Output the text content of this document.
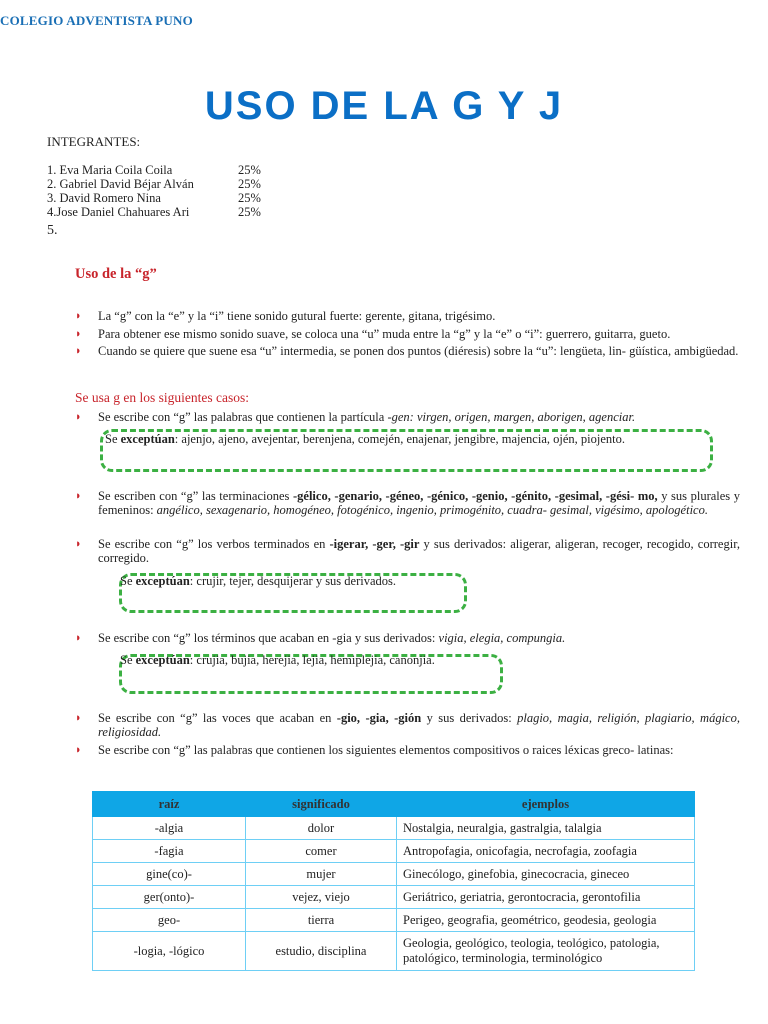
COLEGIO ADVENTISTA PUNO
USO DE LA G Y J
INTEGRANTES:
1. Eva Maria Coila Coila	25%
2. Gabriel David Béjar Alván	25%
3. David Romero Nina	25%
4.Jose Daniel Chahuares Ari	25%
5.
Uso de la “g”
◗ La “g” con la “e” y la “i” tiene sonido gutural fuerte: gerente, gitana, trigésimo.
◗ Para obtener ese mismo sonido suave, se coloca una “u” muda entre la “g” y la “e” o “i”: guerrero, guitarra, gueto.
◗ Cuando se quiere que suene esa “u” intermedia, se ponen dos puntos (diéresis) sobre la “u”: lengüeta, lin- güística, ambigüedad.
Se usa g en los siguientes casos:
◗ Se escribe con “g” las palabras que contienen la partícula -gen: virgen, origen, margen, aborigen, agenciar.
Se exceptúan: ajenjo, ajeno, avejentar, berenjena, comején, enajenar, jengibre, majencia, ojén, piojento.
◗ Se escriben con “g” las terminaciones -gélico, -genario, -géneo, -génico, -genio, -génito, -gesimal, -gési- mo, y sus plurales y femeninos: angélico, sexagenario, homogéneo, fotogénico, ingenio, primogénito, cuadra- gesimal, vigésimo, apologético.
◗ Se escribe con “g” los verbos terminados en -igerar, -ger, -gir y sus derivados: aligerar, aligeran, recoger, recogido, corregir, corregido.
Se exceptúan: crujir, tejer, desquijerar y sus derivados.
◗ Se escribe con “g” los términos que acaban en -gia y sus derivados: vigia, elegia, compungia.
Se exceptúan: crujia, bujia, herejia, lejia, hemiplejia, canonjia.
◗ Se escribe con “g” las voces que acaban en -gio, -gia, -gión y sus derivados: plagio, magia, religión, plagiario, mágico, religiosidad.
◗ Se escribe con “g” las palabras que contienen los siguientes elementos compositivos o raices léxicas greco- latinas:
raíz	significado	ejemplos
-algia	dolor	Nostalgia, neuralgia, gastralgia, talalgia
-fagia	comer	Antropofagia, onicofagia, necrofagia, zoofagia
gine(co)-	mujer	Ginecólogo, ginefobia, ginecocracia, gineceo
ger(onto)-	vejez, viejo	Geriátrico, geriatria, gerontocracia, gerontofilia
geo-	tierra	Perigeo, geografia, geométrico, geodesia, geologia
-logia, -lógico	estudio, disciplina	Geologia, geológico, teologia, teológico, patologia, patológico, terminologia, terminológico
